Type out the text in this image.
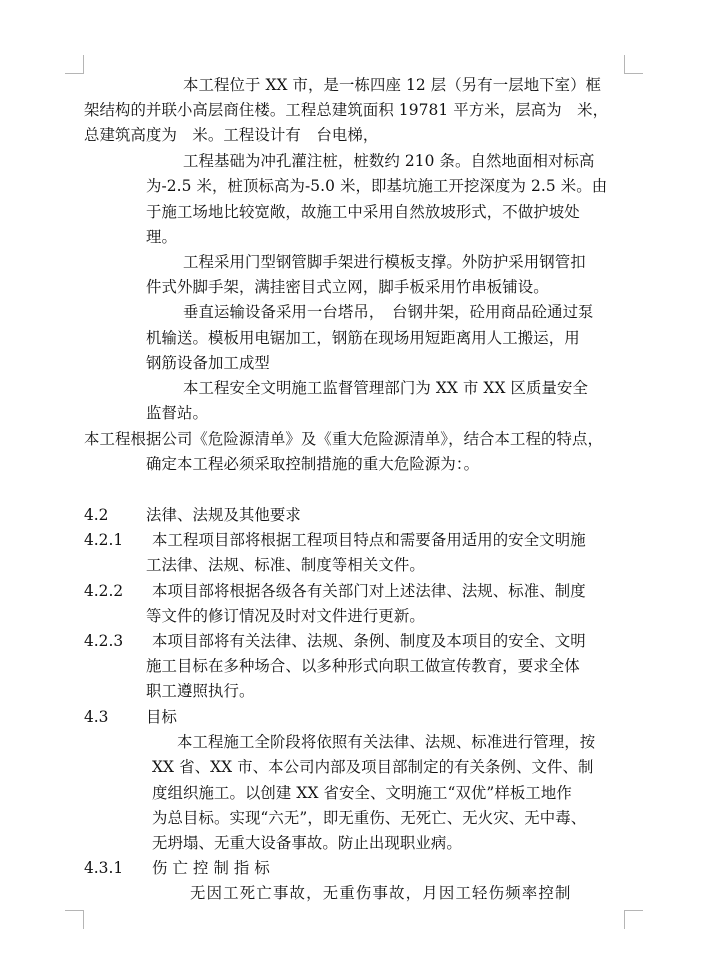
本工程位于 XX 市，是一栋四座 12 层（另有一层地下室）框
架结构的并联小高层商住楼。工程总建筑面积 19781 平方米，层高为　米，
总建筑高度为　米。工程设计有　台电梯，
工程基础为冲孔灌注桩，桩数约 210 条。自然地面相对标高
为-2.5 米，桩顶标高为-5.0 米，即基坑施工开挖深度为 2.5 米。由
于施工场地比较宽敞，故施工中采用自然放坡形式，不做护坡处
理。
工程采用门型钢管脚手架进行模板支撑。外防护采用钢管扣
件式外脚手架，满挂密目式立网，脚手板采用竹串板铺设。
垂直运输设备采用一台塔吊，　台钢井架，砼用商品砼通过泵
机输送。模板用电锯加工，钢筋在现场用短距离用人工搬运，用
钢筋设备加工成型
本工程安全文明施工监督管理部门为 XX 市 XX 区质量安全
监督站。
本工程根据公司《危险源清单》及《重大危险源清单》，结合本工程的特点，
确定本工程必须采取控制措施的重大危险源为：。
4.2 法律、法规及其他要求
4.2.1 本工程项目部将根据工程项目特点和需要备用适用的安全文明施
工法律、法规、标准、制度等相关文件。
4.2.2 本项目部将根据各级各有关部门对上述法律、法规、标准、制度
等文件的修订情况及时对文件进行更新。
4.2.3 本项目部将有关法律、法规、条例、制度及本项目的安全、文明
施工目标在多种场合、以多种形式向职工做宣传教育，要求全体
职工遵照执行。
4.3 目标
本工程施工全阶段将依照有关法律、法规、标准进行管理，按
XX 省、XX 市、本公司内部及项目部制定的有关条例、文件、制
度组织施工。以创建 XX 省安全、文明施工“双优”样板工地作
为总目标。实现“六无”，即无重伤、无死亡、无火灾、无中毒、
无坍塌、无重大设备事故。防止出现职业病。
4.3.1 伤 亡 控 制 指 标
无因工死亡事故，无重伤事故，月因工轻伤频率控制
